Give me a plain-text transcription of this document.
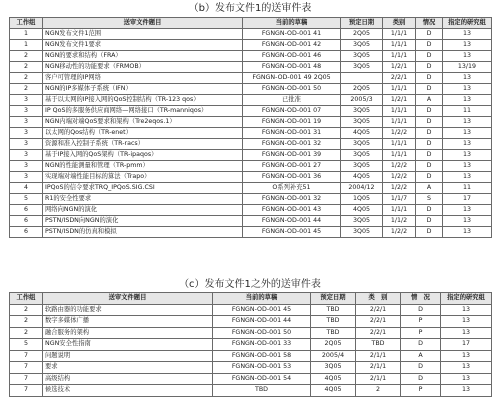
（b）发布文件1的送审件表
工作组	送审文件题目	当前的草稿	预定日期	类别	情况	指定的研究组
1	NGN发布文件1范围	FGNGN-OD-001 41	2Q05	1/1/1	D	13
1	NGN发布文件1要求	FGNGN-OD-001 42	3Q05	1/1/1	D	13
2	NGN的要求和结构（FRA）	FGNGN-OD-001 46	3Q05	1/1/1	D	13
2	NGN移动性的功能要求（FRMOB）	FGNGN-OD-001 48	3Q05	1/2/1	D	13/19
2	客户可管理的IP网络	FGNGN-OD-001 49 2Q05		2/2/1	D	13
2	NGN的IP多媒体子系统（IFN）	FGNGN-OD-001 50	2Q05	1/1/1	D	13
3	基于以太网的IP接入网的QoS控制结构（TR-123 qos）	已批准	2005/3	1/2/1	A	13
3	IP QoS的多服务供应商网络—网络接口（TR-manniqos）	FGNGN-OD-001 07	3Q05	1/1/1	D	11
3	NGN内端对端QoS要求和架构（Tre2eqos.1）	FGNGN-OD-001 19	3Q05	1/1/1	D	13
3	以太网的Qos结构（TR-enet）	FGNGN-OD-001 31	4Q05	1/2/2	D	13
3	资源和准入控制子系统（TR-racs）	FGNGN-OD-001 32	3Q05	1/1/1	D	13
3	基于IP接入网的QoS架构（TR-ipaqos）	FGNGN-OD-001 39	3Q05	1/1/1	D	13
3	NGN的性能测量和管理（TR-pmm）	FGNGN-OD-001 27	3Q05	1/2/2	D	13
3	实现端对端性能目标的算法（Trapo）	FGNGN-OD-001 36	4Q05	1/2/2	D	13
4	IPQoS的信令要求TRQ_IPQoS.SIG.CSI	O系列补充51	2004/12	1/2/2	A	11
5	R1的安全性要求	FGNGN-OD-001 32	1Q05	1/1/7	S	17
6	网络向NGN的演化	FGNGN-OD-001 43	4Q05	1/1/1	D	13
6	PSTN/ISDN向NGN的演化	FGNGN-OD-001 44	3Q05	1/1/2	D	13
6	PSTN/ISDN的仿真和模拟	FGNGN-OD-001 45	3Q05	1/2/2	D	13
（c）发布文件1之外的送审件表
工作组	送审文件题目	当前的草稿	预定日期	类　别	情　况	指定的研究组
2	软路由器的功能要求	FGNGN-OD-001 45	TBD	2/2/1	D	13
2	数字多媒体广播	FGNGN-OD-001 44	TBD	2/2/1	P	13
2	融合服务的架构	FGNGN-OD-001 50	TBD	2/2/1	P	13
5	NGN安全性指南	FGNGN-OD-001 33	2Q05	TBD	D	17
7	问题说明	FGNGN-OD-001 58	2005/4	2/1/1	A	13
7	要求	FGNGN-OD-001 53	3Q05	2/1/1	D	13
7	高级结构	FGNGN-OD-001 54	4Q05	2/1/1	D	13
7	候选技术	TBD	4Q05	2	P	13
